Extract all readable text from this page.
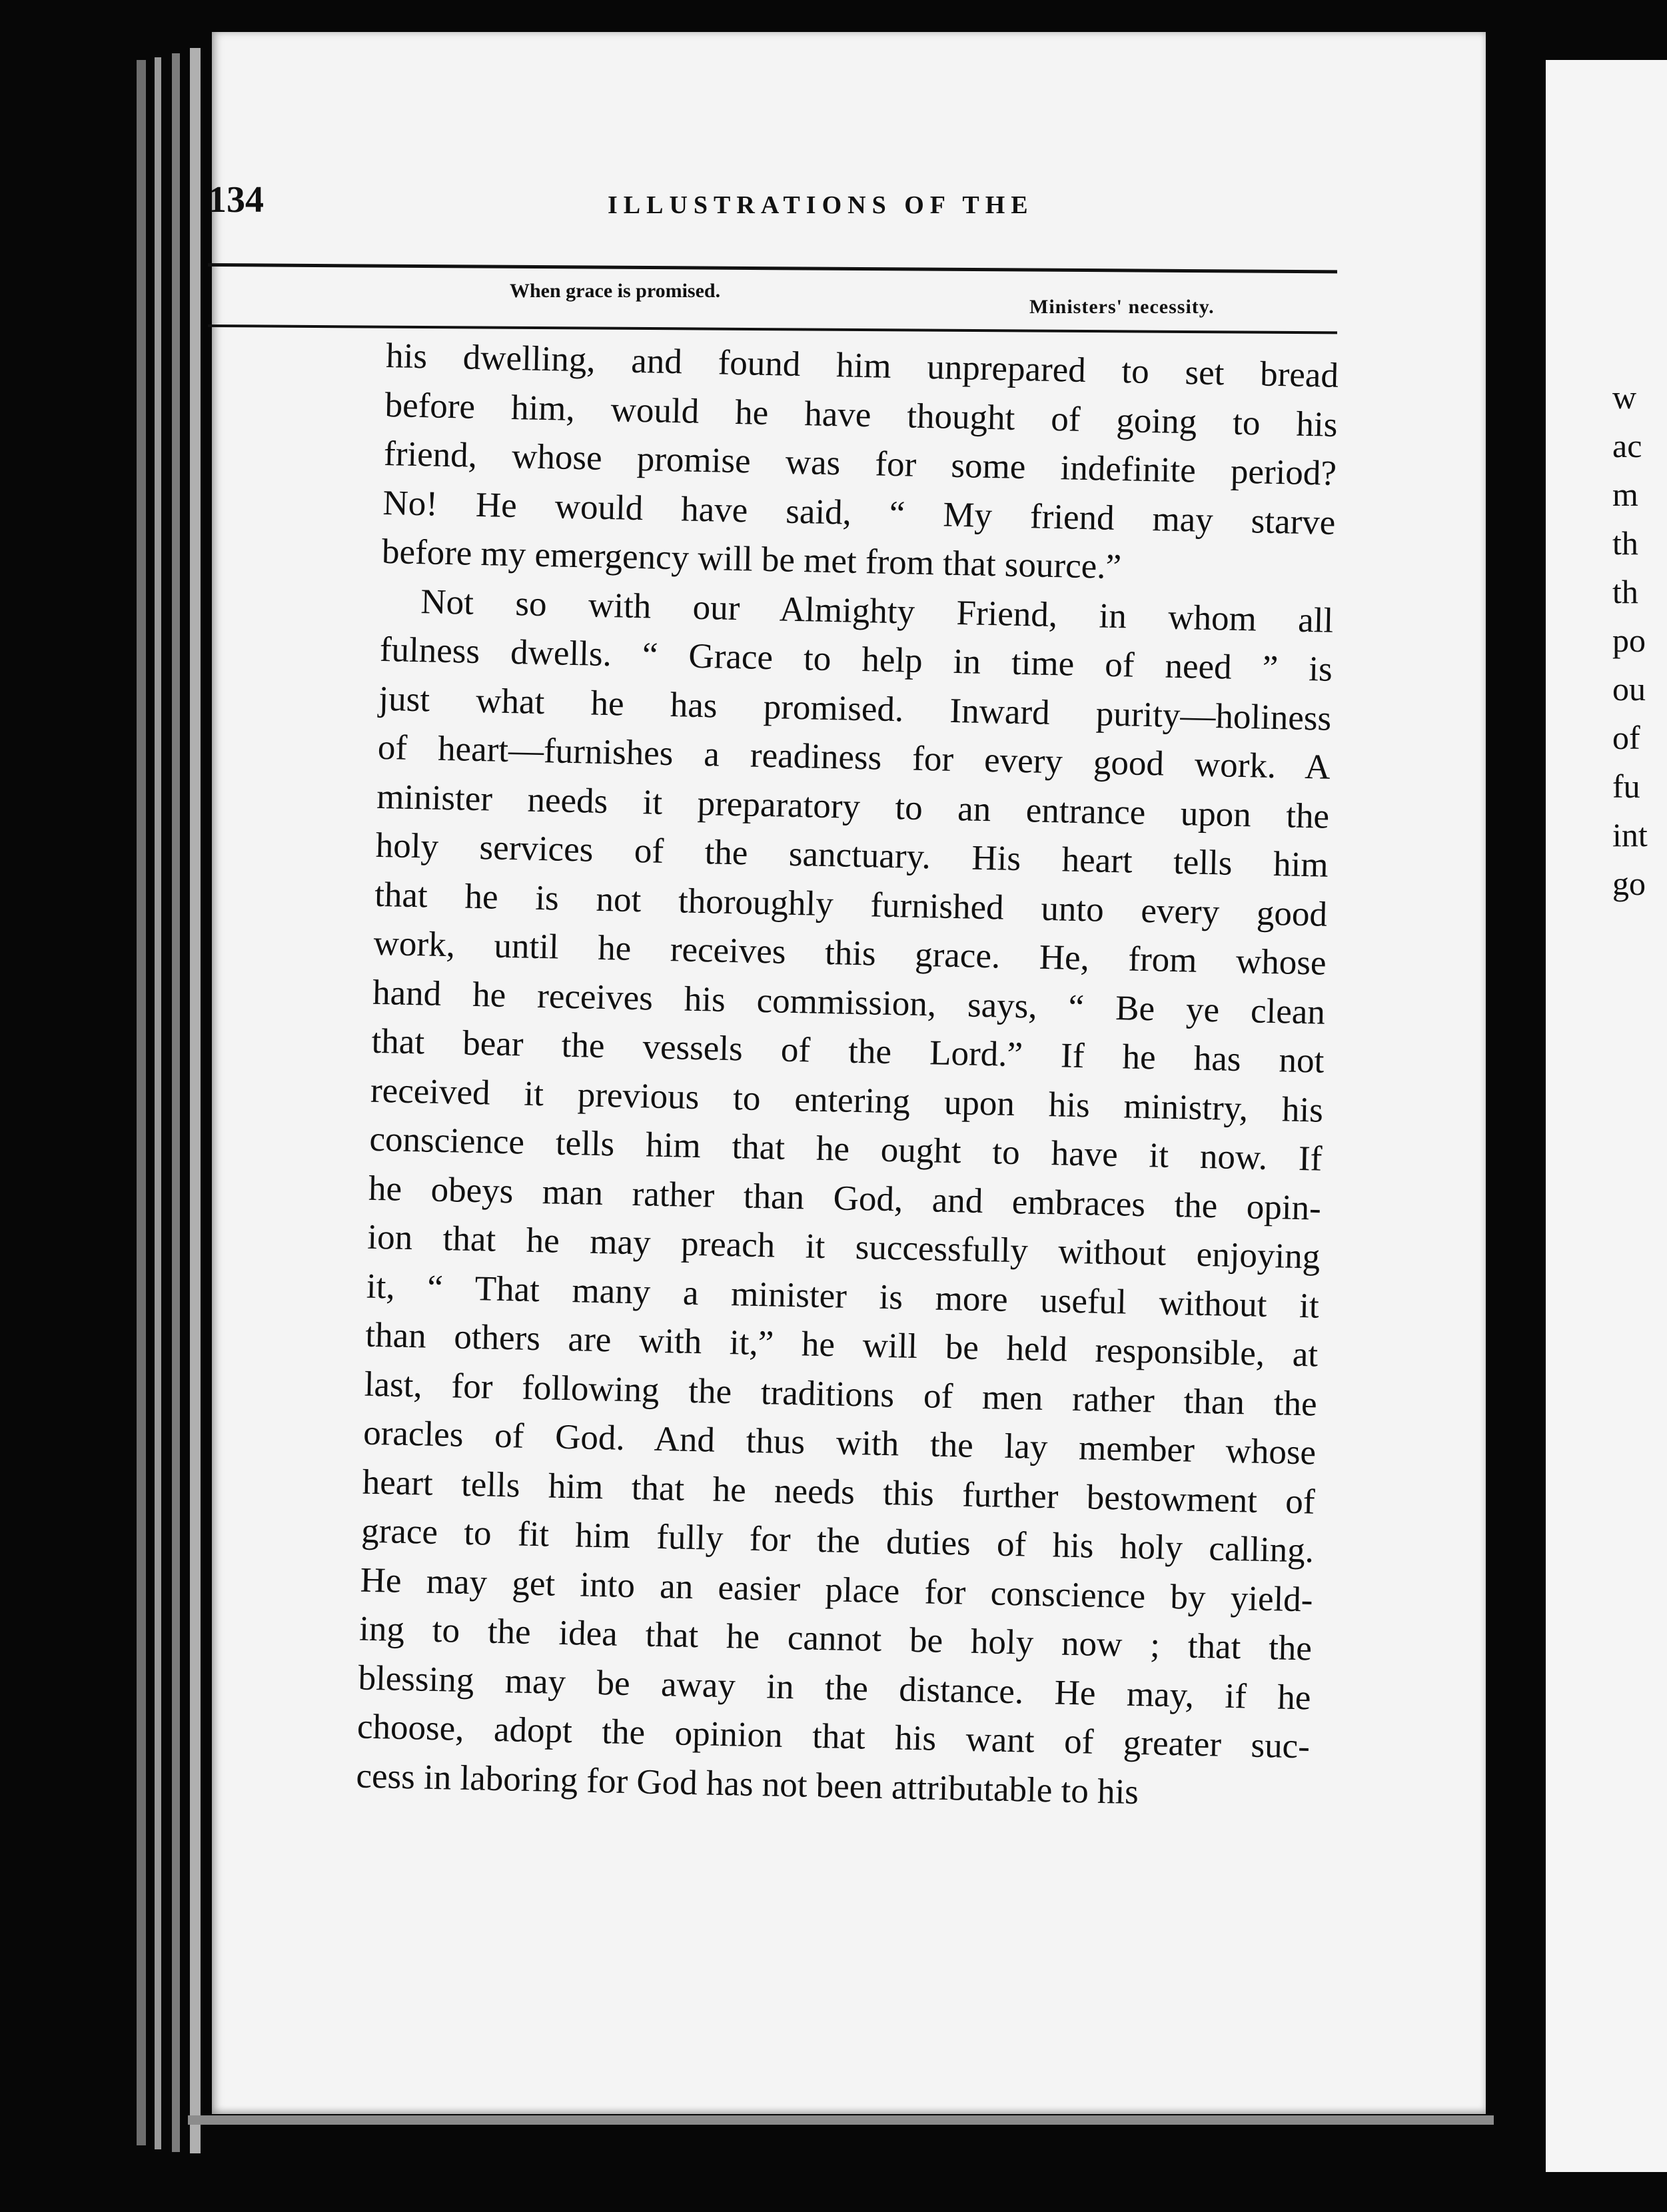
w
ac
m
th
th
po
ou
of
fu
int
go
134	ILLUSTRATIONS OF THE
When grace is promised.
Ministers' necessity.
his dwelling, and found him unprepared to set bread
before him, would he have thought of going to his
friend, whose promise was for some indefinite period?
No! He would have said, “ My friend may starve
before my emergency will be met from that source.”
Not so with our Almighty Friend, in whom all
fulness dwells. “ Grace to help in time of need ” is
just what he has promised. Inward purity—holiness
of heart—furnishes a readiness for every good work. A
minister needs it preparatory to an entrance upon the
holy services of the sanctuary. His heart tells him
that he is not thoroughly furnished unto every good
work, until he receives this grace. He, from whose
hand he receives his commission, says, “ Be ye clean
that bear the vessels of the Lord.” If he has not
received it previous to entering upon his ministry, his
conscience tells him that he ought to have it now. If
he obeys man rather than God, and embraces the opin-
ion that he may preach it successfully without enjoying
it, “ That many a minister is more useful without it
than others are with it,” he will be held responsible, at
last, for following the traditions of men rather than the
oracles of God. And thus with the lay member whose
heart tells him that he needs this further bestowment of
grace to fit him fully for the duties of his holy calling.
He may get into an easier place for conscience by yield-
ing to the idea that he cannot be holy now ; that the
blessing may be away in the distance. He may, if he
choose, adopt the opinion that his want of greater suc-
cess in laboring for God has not been attributable to his
